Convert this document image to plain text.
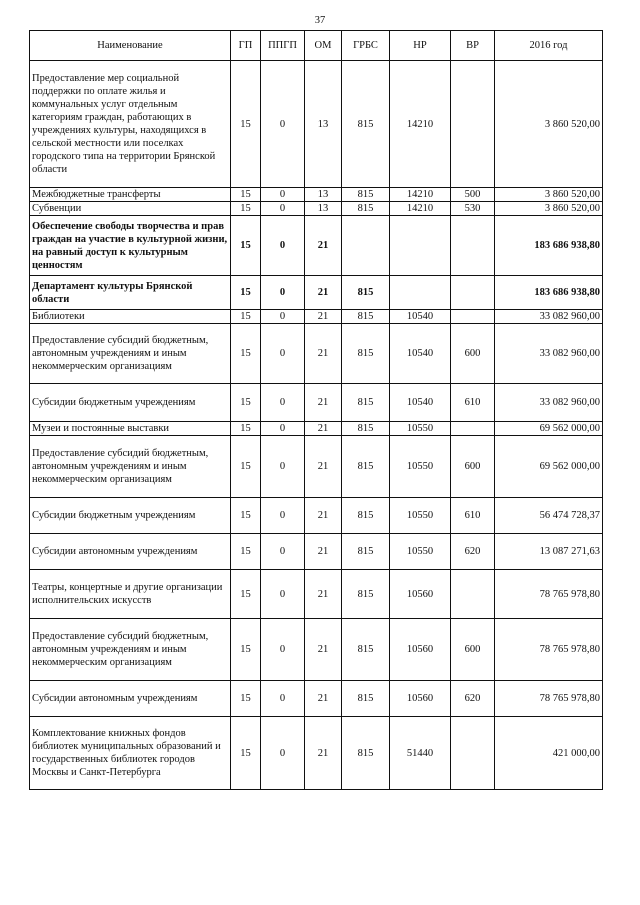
37
Наименование	ГП	ППГП	ОМ	ГРБС	НР	ВР	2016 год
Предоставление мер социальной поддержки по оплате жилья и коммунальных услуг отдельным категориям граждан, работающих в учреждениях культуры, находящихся в сельской местности или поселках городского типа на территории Брянской области	15	0	13	815	14210		3 860 520,00
Межбюджетные трансферты	15	0	13	815	14210	500	3 860 520,00
Субвенции	15	0	13	815	14210	530	3 860 520,00
Обеспечение свободы творчества и прав граждан на участие в культурной жизни, на равный доступ к культурным ценностям	15	0	21				183 686 938,80
Департамент культуры Брянской области	15	0	21	815			183 686 938,80
Библиотеки	15	0	21	815	10540		33 082 960,00
Предоставление субсидий бюджетным, автономным учреждениям и иным некоммерческим организациям	15	0	21	815	10540	600	33 082 960,00
Субсидии бюджетным учреждениям	15	0	21	815	10540	610	33 082 960,00
Музеи и постоянные выставки	15	0	21	815	10550		69 562 000,00
Предоставление субсидий бюджетным, автономным учреждениям и иным некоммерческим организациям	15	0	21	815	10550	600	69 562 000,00
Субсидии бюджетным учреждениям	15	0	21	815	10550	610	56 474 728,37
Субсидии автономным учреждениям	15	0	21	815	10550	620	13 087 271,63
Театры, концертные и другие организации исполнительских искусств	15	0	21	815	10560		78 765 978,80
Предоставление субсидий бюджетным, автономным учреждениям и иным некоммерческим организациям	15	0	21	815	10560	600	78 765 978,80
Субсидии автономным учреждениям	15	0	21	815	10560	620	78 765 978,80
Комплектование книжных фондов библиотек муниципальных образований и государственных библиотек городов Москвы и Санкт-Петербурга	15	0	21	815	51440		421 000,00
